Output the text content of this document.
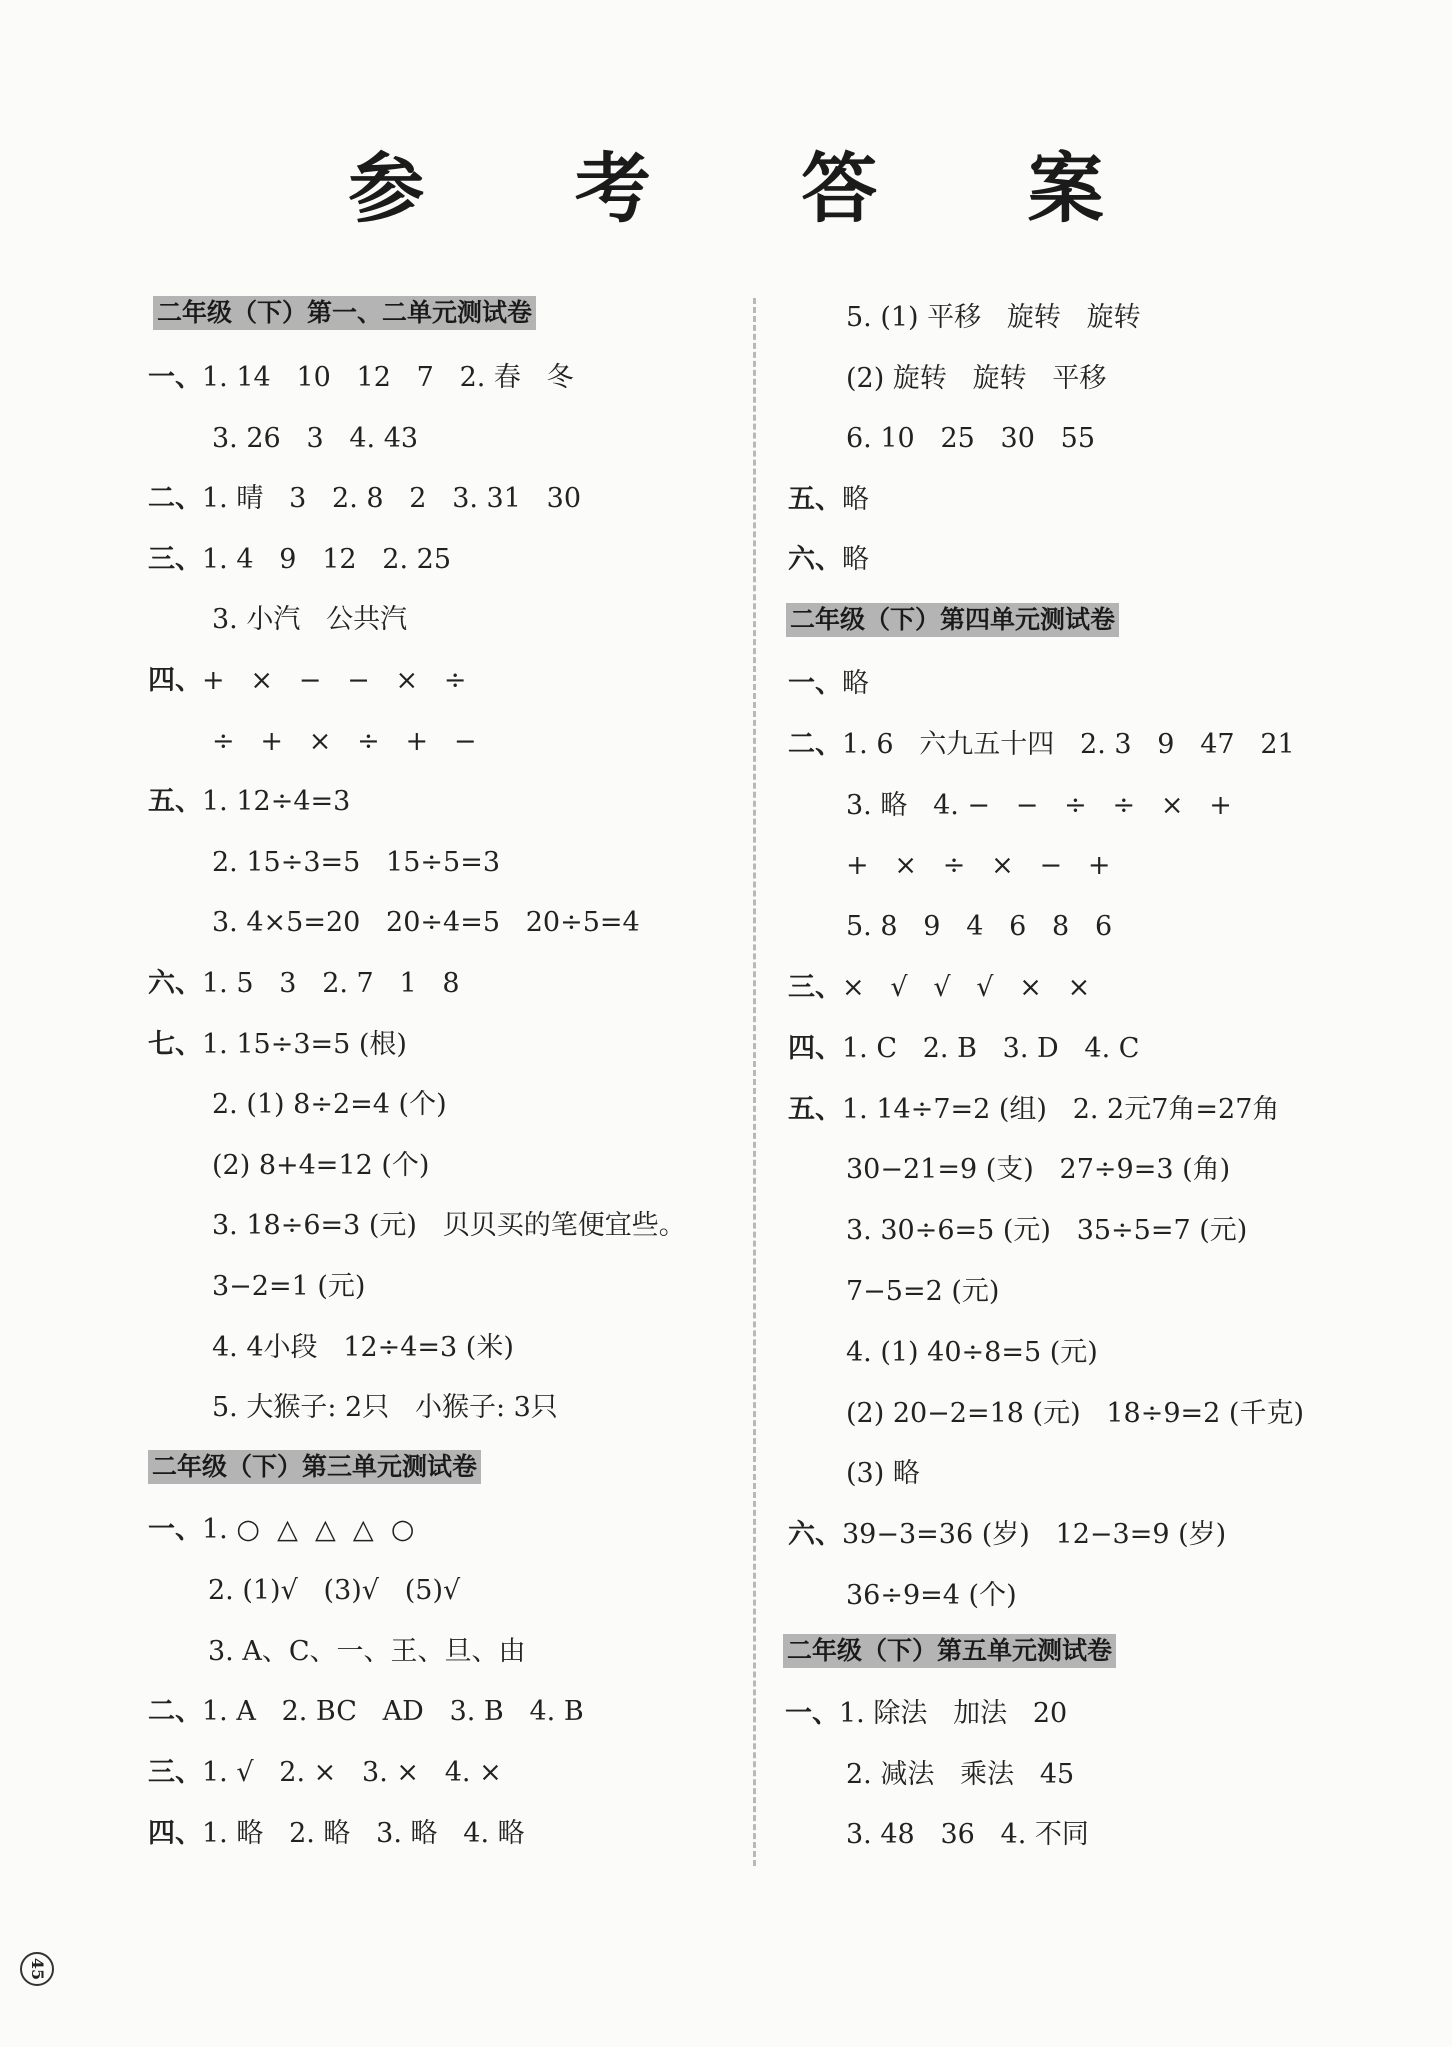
参 考 答 案
二年级（下）第一、二单元测试卷
一、1. 14   10   12   7   2. 春   冬
3. 26   3   4. 43
二、1. 晴   3   2. 8   2   3. 31   30
三、1. 4   9   12   2. 25
3. 小汽   公共汽
四、+   ×   −   −   ×   ÷
÷   +   ×   ÷   +   −
五、1. 12÷4=3
2. 15÷3=5   15÷5=3
3. 4×5=20   20÷4=5   20÷5=4
六、1. 5   3   2. 7   1   8
七、1. 15÷3=5 (根)
2. (1) 8÷2=4 (个)
(2) 8+4=12 (个)
3. 18÷6=3 (元)   贝贝买的笔便宜些。
3−2=1 (元)
4. 4小段   12÷4=3 (米)
5. 大猴子: 2只   小猴子: 3只
二年级（下）第三单元测试卷
一、1. ○  △  △  △  ○
2. (1)√   (3)√   (5)√
3. A、C、一、王、旦、由
二、1. A   2. BC   AD   3. B   4. B
三、1. √   2. ×   3. ×   4. ×
四、1. 略   2. 略   3. 略   4. 略
5. (1) 平移   旋转   旋转
(2) 旋转   旋转   平移
6. 10   25   30   55
五、略
六、略
二年级（下）第四单元测试卷
一、略
二、1. 6   六九五十四   2. 3   9   47   21
3. 略   4. −   −   ÷   ÷   ×   +
+   ×   ÷   ×   −   +
5. 8   9   4   6   8   6
三、×   √   √   √   ×   ×
四、1. C   2. B   3. D   4. C
五、1. 14÷7=2 (组)   2. 2元7角=27角
30−21=9 (支)   27÷9=3 (角)
3. 30÷6=5 (元)   35÷5=7 (元)
7−5=2 (元)
4. (1) 40÷8=5 (元)
(2) 20−2=18 (元)   18÷9=2 (千克)
(3) 略
六、39−3=36 (岁)   12−3=9 (岁)
36÷9=4 (个)
二年级（下）第五单元测试卷
一、1. 除法   加法   20
2. 减法   乘法   45
3. 48   36   4. 不同
45
